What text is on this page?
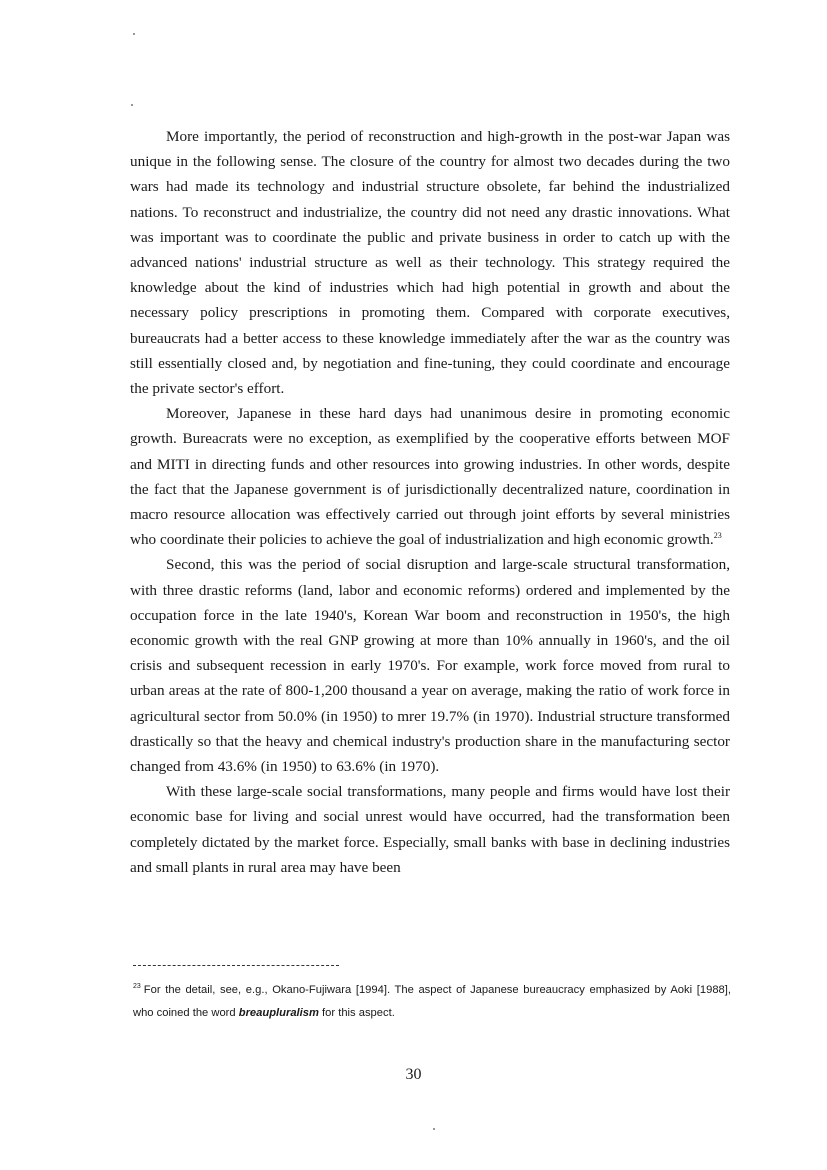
More importantly, the period of reconstruction and high-growth in the post-war Japan was unique in the following sense. The closure of the country for almost two decades during the two wars had made its technology and industrial structure obsolete, far behind the industrialized nations. To reconstruct and industrialize, the country did not need any drastic innovations. What was important was to coordinate the public and private business in order to catch up with the advanced nations' industrial structure as well as their technology. This strategy required the knowledge about the kind of industries which had high potential in growth and about the necessary policy prescriptions in promoting them. Compared with corporate executives, bureaucrats had a better access to these knowledge immediately after the war as the country was still essentially closed and, by negotiation and fine-tuning, they could coordinate and encourage the private sector's effort.

Moreover, Japanese in these hard days had unanimous desire in promoting economic growth. Bureacrats were no exception, as exemplified by the cooperative efforts between MOF and MITI in directing funds and other resources into growing industries. In other words, despite the fact that the Japanese government is of jurisdictionally decentralized nature, coordination in macro resource allocation was effectively carried out through joint efforts by several ministries who coordinate their policies to achieve the goal of industrialization and high economic growth.$^{23}$

Second, this was the period of social disruption and large-scale structural transformation, with three drastic reforms (land, labor and economic reforms) ordered and implemented by the occupation force in the late 1940's, Korean War boom and reconstruction in 1950's, the high economic growth with the real GNP growing at more than 10% annually in 1960's, and the oil crisis and subsequent recession in early 1970's. For example, work force moved from rural to urban areas at the rate of 800-1,200 thousand a year on average, making the ratio of work force in agricultural sector from 50.0% (in 1950) to mrer 19.7% (in 1970). Industrial structure transformed drastically so that the heavy and chemical industry's production share in the manufacturing sector changed from 43.6% (in 1950) to 63.6% (in 1970).

With these large-scale social transformations, many people and firms would have lost their economic base for living and social unrest would have occurred, had the transformation been completely dictated by the market force. Especially, small banks with base in declining industries and small plants in rural area may have been

$^{23}$ For the detail, see, e.g., Okano-Fujiwara [1994]. The aspect of Japanese bureaucracy emphasized by Aoki [1988], who coined the word breaupluralism for this aspect.

30
